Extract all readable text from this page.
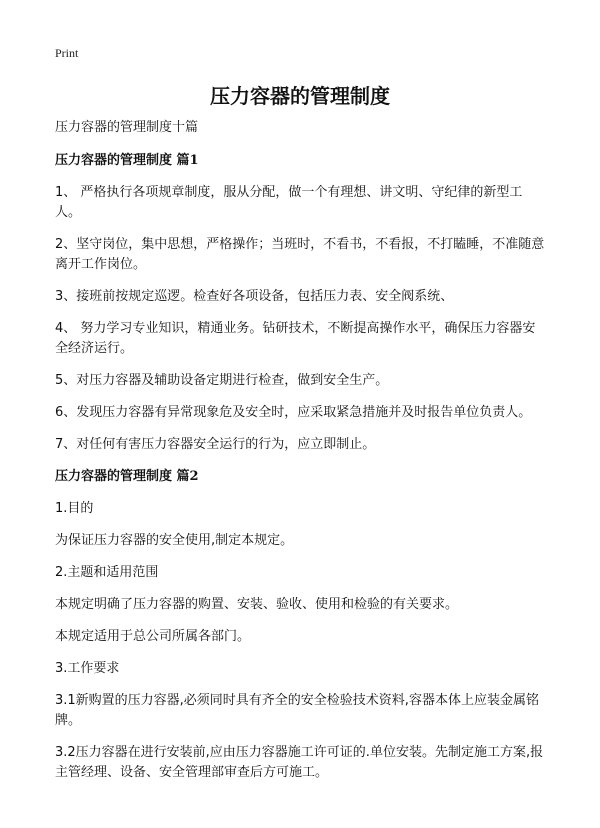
Print
压力容器的管理制度

压力容器的管理制度十篇

压力容器的管理制度 篇1

1、 严格执行各项规章制度，服从分配，做一个有理想、讲文明、守纪律的新型工人。

2、坚守岗位，集中思想，严格操作；当班时，不看书，不看报，不打瞌睡，不准随意离开工作岗位。

3、接班前按规定巡逻。检查好各项设备，包括压力表、安全阀系统、

4、 努力学习专业知识，精通业务。钻研技术，不断提高操作水平，确保压力容器安全经济运行。

5、对压力容器及辅助设备定期进行检查，做到安全生产。

6、发现压力容器有异常现象危及安全时，应采取紧急措施并及时报告单位负责人。

7、对任何有害压力容器安全运行的行为，应立即制止。

压力容器的管理制度 篇2

1.目的

为保证压力容器的安全使用,制定本规定。

2.主题和适用范围

本规定明确了压力容器的购置、安装、验收、使用和检验的有关要求。

本规定适用于总公司所属各部门。

3.工作要求

3.1新购置的压力容器,必须同时具有齐全的安全检验技术资料,容器本体上应装金属铭牌。

3.2压力容器在进行安装前,应由压力容器施工许可证的.单位安装。先制定施工方案,报主管经理、设备、安全管理部审查后方可施工。
